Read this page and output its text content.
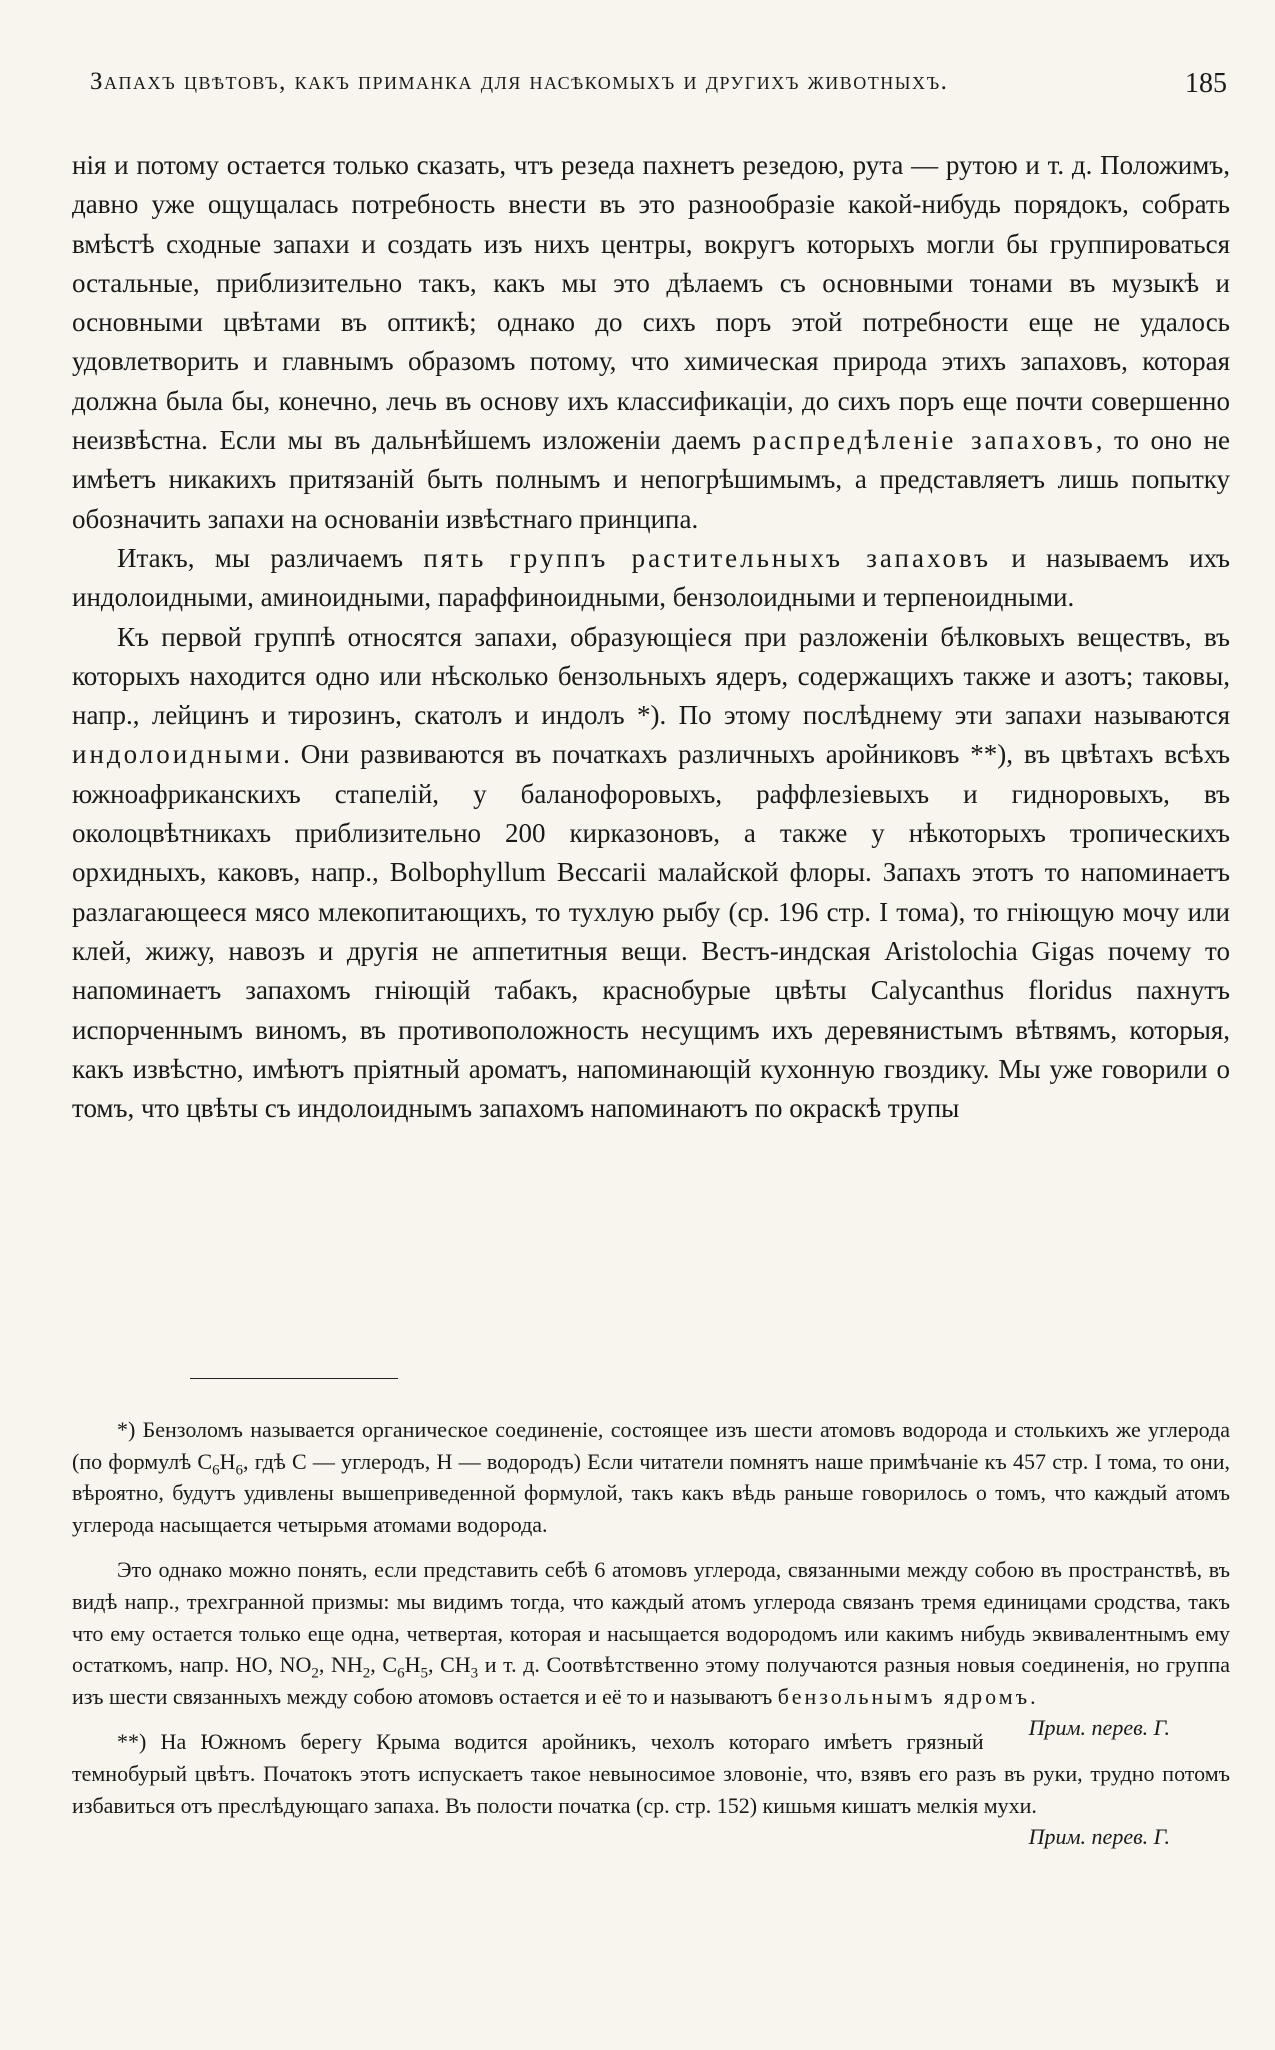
Запахъ цвѣтовъ, какъ приманка для насѣкомыхъ и другихъ животныхъ.	185

нія и потому остается только сказать, чтъ резеда пахнетъ резедою, рута — рутою и т. д. Положимъ, давно уже ощущалась потребность внести въ это разнообразіе какой-нибудь порядокъ, собрать вмѣстѣ сходные запахи и создать изъ нихъ центры, вокругъ которыхъ могли бы группироваться остальные, приблизительно такъ, какъ мы это дѣлаемъ съ основными тонами въ музыкѣ и основными цвѣтами въ оптикѣ; однако до сихъ поръ этой потребности еще не удалось удовлетворить и главнымъ образомъ потому, что химическая природа этихъ запаховъ, которая должна была бы, конечно, лечь въ основу ихъ классификаціи, до сихъ поръ еще почти совершенно неизвѣстна. Если мы въ дальнѣйшемъ изложеніи даемъ распредѣленіе запаховъ, то оно не имѣетъ никакихъ притязаній быть полнымъ и непогрѣшимымъ, а представляетъ лишь попытку обозначить запахи на основаніи извѣстнаго принципа.

Итакъ, мы различаемъ пять группъ растительныхъ запаховъ и называемъ ихъ индолоидными, аминоидными, параффиноидными, бензолоидными и терпеноидными.

Къ первой группѣ относятся запахи, образующіеся при разложеніи бѣлковыхъ веществъ, въ которыхъ находится одно или нѣсколько бензольныхъ ядеръ, содержащихъ также и азотъ; таковы, напр., лейцинъ и тирозинъ, скатолъ и индолъ *). По этому послѣднему эти запахи называются индолоидными. Они развиваются въ початкахъ различныхъ аройниковъ **), въ цвѣтахъ всѣхъ южноафриканскихъ стапелій, у баланофоровыхъ, раффлезіевыхъ и гидноровыхъ, въ околоцвѣтникахъ приблизительно 200 кирказоновъ, а также у нѣкоторыхъ тропическихъ орхидныхъ, каковъ, напр., Bolbophyllum Beccarii малайской флоры. Запахъ этотъ то напоминаетъ разлагающееся мясо млекопитающихъ, то тухлую рыбу (ср. 196 стр. I тома), то гніющую мочу или клей, жижу, навозъ и другія не аппетитныя вещи. Вестъ-индская Aristolochia Gigas почему то напоминаетъ запахомъ гніющій табакъ, краснобурые цвѣты Calycanthus floridus пахнутъ испорченнымъ виномъ, въ противоположность несущимъ ихъ деревянистымъ вѣтвямъ, которыя, какъ извѣстно, имѣютъ пріятный ароматъ, напоминающій кухонную гвоздику. Мы уже говорили о томъ, что цвѣты съ индолоиднымъ запахомъ напоминаютъ по окраскѣ трупы

*) Бензоломъ называется органическое соединеніе, состоящее изъ шести атомовъ водорода и столькихъ же углерода (по формулѣ $C_6H_6$, гдѣ C — углеродъ, H — водородъ) Если читатели помнятъ наше примѣчаніе къ 457 стр. I тома, то они, вѣроятно, будутъ удивлены вышеприведенной формулой, такъ какъ вѣдь раньше говорилось о томъ, что каждый атомъ углерода насыщается четырьмя атомами водорода.

Это однако можно понять, если представить себѣ 6 атомовъ углерода, связанными между собою въ пространствѣ, въ видѣ напр., трехгранной призмы: мы видимъ тогда, что каждый атомъ углерода связанъ тремя единицами сродства, такъ что ему остается только еще одна, четвертая, которая и насыщается водородомъ или какимъ нибудь эквивалентнымъ ему остаткомъ, напр. HO, $NO_2$, $NH_2$, $C_6H_5$, $CH_3$ и т. д. Соотвѣтственно этому получаются разныя новыя соединенія, но группа изъ шести связанныхъ между собою атомовъ остается и её то и называютъ бензольнымъ ядромъ.
Прим. перев. Г.

**) На Южномъ берегу Крыма водится аройникъ, чехолъ котораго имѣетъ грязный темнобурый цвѣтъ. Початокъ этотъ испускаетъ такое невыносимое зловоніе, что, взявъ его разъ въ руки, трудно потомъ избавиться отъ преслѣдующаго запаха. Въ полости початка (ср. стр. 152) кишьмя кишатъ мелкія мухи.
Прим. перев. Г.
